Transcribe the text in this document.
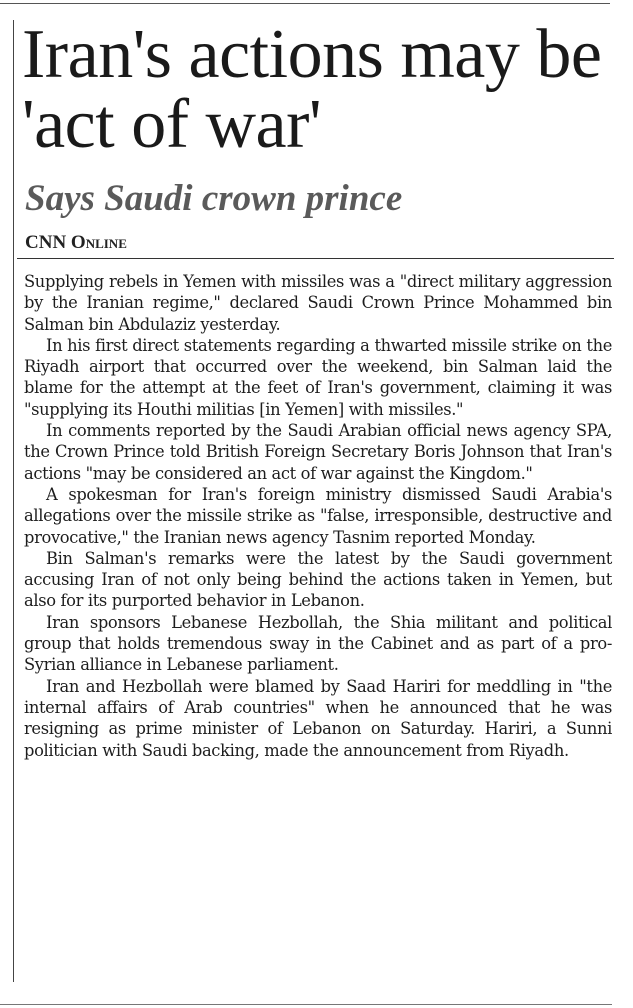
Iran's actions may be 'act of war'
Says Saudi crown prince
CNN Online

Supplying rebels in Yemen with missiles was a "direct military aggression by the Iranian regime," declared Saudi Crown Prince Mohammed bin Salman bin Abdulaziz yesterday.

In his first direct statements regarding a thwarted missile strike on the Riyadh airport that occurred over the weekend, bin Salman laid the blame for the attempt at the feet of Iran's government, claiming it was "supplying its Houthi militias [in Yemen] with missiles."

In comments reported by the Saudi Arabian official news agency SPA, the Crown Prince told British Foreign Secretary Boris Johnson that Iran's actions "may be considered an act of war against the Kingdom."

A spokesman for Iran's foreign ministry dismissed Saudi Arabia's allegations over the missile strike as "false, irresponsible, destructive and provocative," the Iranian news agency Tasnim reported Monday.

Bin Salman's remarks were the latest by the Saudi government accusing Iran of not only being behind the actions taken in Yemen, but also for its purported behavior in Lebanon.

Iran sponsors Lebanese Hezbollah, the Shia militant and political group that holds tremendous sway in the Cabinet and as part of a pro-Syrian alliance in Lebanese parliament.

Iran and Hezbollah were blamed by Saad Hariri for meddling in "the internal affairs of Arab countries" when he announced that he was resigning as prime minister of Lebanon on Saturday. Hariri, a Sunni politician with Saudi backing, made the announcement from Riyadh.
